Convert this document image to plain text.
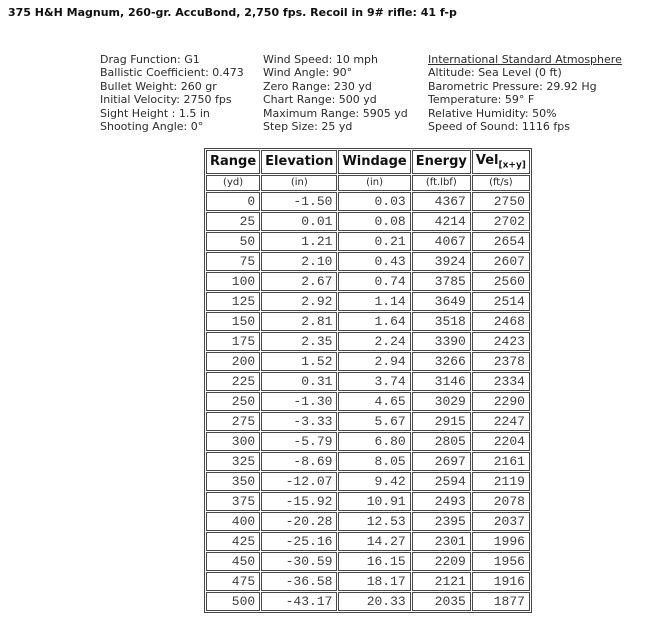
375 H&H Magnum, 260-gr. AccuBond, 2,750 fps. Recoil in 9# rifle: 41 f-p
Drag Function: G1
Ballistic Coefficient: 0.473
Bullet Weight: 260 gr
Initial Velocity: 2750 fps
Sight Height : 1.5 in
Shooting Angle: 0°
Wind Speed: 10 mph
Wind Angle: 90°
Zero Range: 230 yd
Chart Range: 500 yd
Maximum Range: 5905 yd
Step Size: 25 yd
International Standard Atmosphere
Altitude: Sea Level (0 ft)
Barometric Pressure: 29.92 Hg
Temperature: 59° F
Relative Humidity: 50%
Speed of Sound: 1116 fps
Range	Elevation	Windage	Energy	Vel$_{[x+y]}$
(yd)	(in)	(in)	(ft.lbf)	(ft/s)
0	-1.50	0.03	4367	2750
25	0.01	0.08	4214	2702
50	1.21	0.21	4067	2654
75	2.10	0.43	3924	2607
100	2.67	0.74	3785	2560
125	2.92	1.14	3649	2514
150	2.81	1.64	3518	2468
175	2.35	2.24	3390	2423
200	1.52	2.94	3266	2378
225	0.31	3.74	3146	2334
250	-1.30	4.65	3029	2290
275	-3.33	5.67	2915	2247
300	-5.79	6.80	2805	2204
325	-8.69	8.05	2697	2161
350	-12.07	9.42	2594	2119
375	-15.92	10.91	2493	2078
400	-20.28	12.53	2395	2037
425	-25.16	14.27	2301	1996
450	-30.59	16.15	2209	1956
475	-36.58	18.17	2121	1916
500	-43.17	20.33	2035	1877
